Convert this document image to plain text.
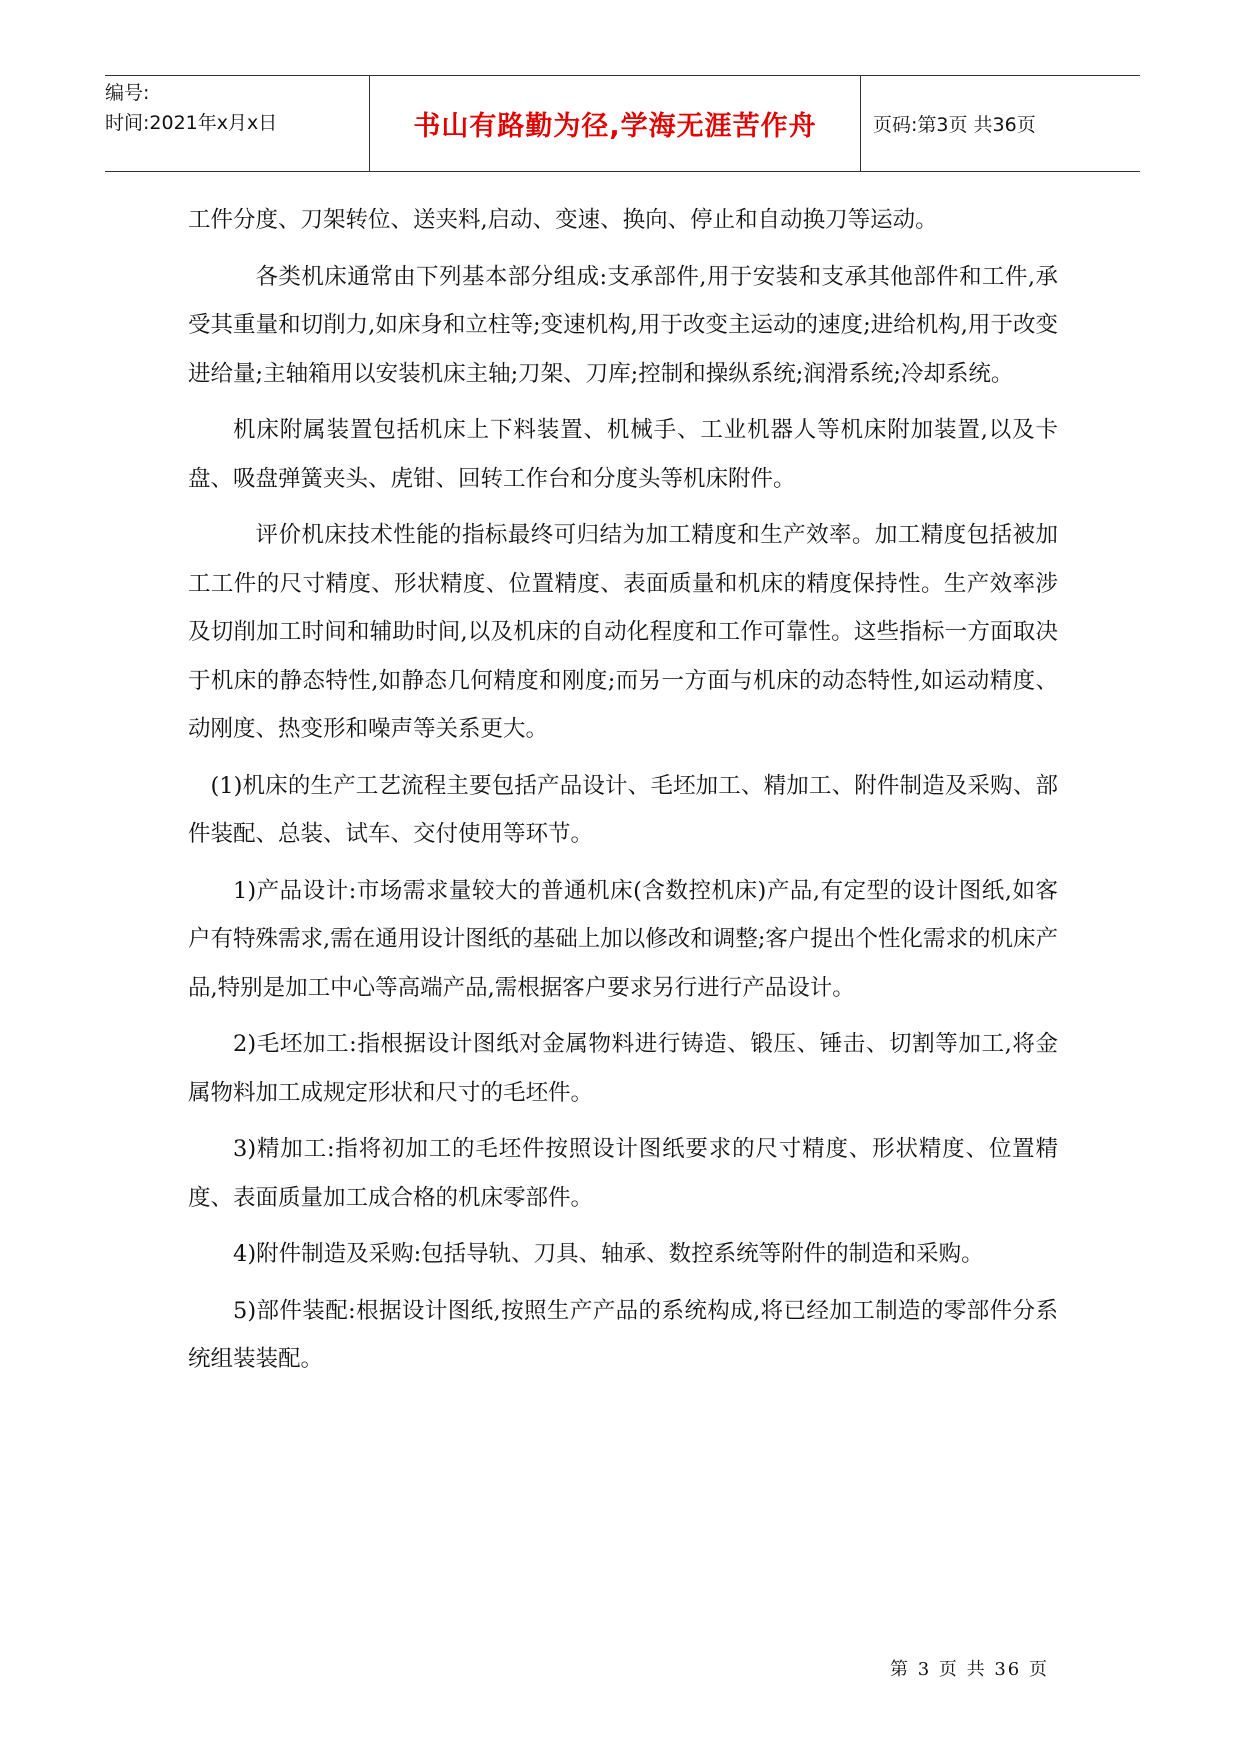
编号:
时间:2021年x月x日	书山有路勤为径,学海无涯苦作舟	页码:第3页 共36页

工件分度、刀架转位、送夹料,启动、变速、换向、停止和自动换刀等运动。

各类机床通常由下列基本部分组成:支承部件,用于安装和支承其他部件和工件,承受其重量和切削力,如床身和立柱等;变速机构,用于改变主运动的速度;进给机构,用于改变进给量;主轴箱用以安装机床主轴;刀架、刀库;控制和操纵系统;润滑系统;冷却系统。

机床附属装置包括机床上下料装置、机械手、工业机器人等机床附加装置,以及卡盘、吸盘弹簧夹头、虎钳、回转工作台和分度头等机床附件。

评价机床技术性能的指标最终可归结为加工精度和生产效率。加工精度包括被加工工件的尺寸精度、形状精度、位置精度、表面质量和机床的精度保持性。生产效率涉及切削加工时间和辅助时间,以及机床的自动化程度和工作可靠性。这些指标一方面取决于机床的静态特性,如静态几何精度和刚度;而另一方面与机床的动态特性,如运动精度、动刚度、热变形和噪声等关系更大。

(1)机床的生产工艺流程主要包括产品设计、毛坯加工、精加工、附件制造及采购、部件装配、总装、试车、交付使用等环节。

1)产品设计:市场需求量较大的普通机床(含数控机床)产品,有定型的设计图纸,如客户有特殊需求,需在通用设计图纸的基础上加以修改和调整;客户提出个性化需求的机床产品,特别是加工中心等高端产品,需根据客户要求另行进行产品设计。

2)毛坯加工:指根据设计图纸对金属物料进行铸造、锻压、锤击、切割等加工,将金属物料加工成规定形状和尺寸的毛坯件。

3)精加工:指将初加工的毛坯件按照设计图纸要求的尺寸精度、形状精度、位置精度、表面质量加工成合格的机床零部件。

4)附件制造及采购:包括导轨、刀具、轴承、数控系统等附件的制造和采购。

5)部件装配:根据设计图纸,按照生产产品的系统构成,将已经加工制造的零部件分系统组装装配。

第 3 页 共 36 页
